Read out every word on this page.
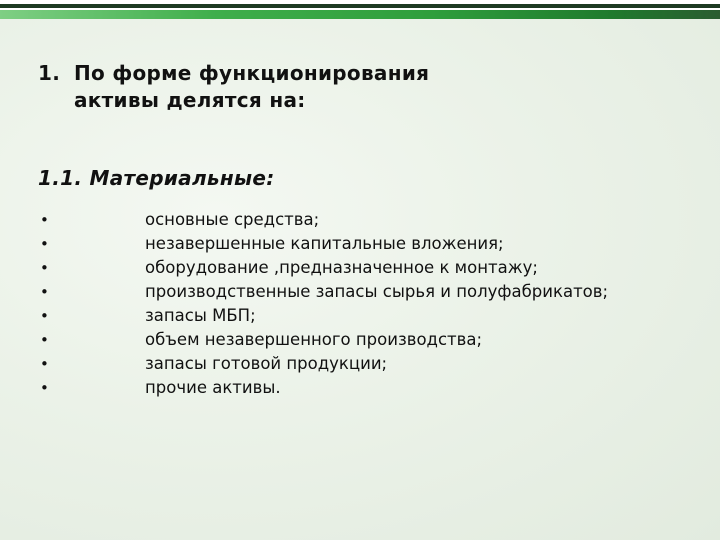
1. По форме функционирования
активы делятся на:
1.1. Материальные:
•	основные средства;
•	незавершенные капитальные вложения;
•	оборудование ,предназначенное к монтажу;
•	производственные запасы сырья и полуфабрикатов;
•	запасы МБП;
•	объем незавершенного производства;
•	запасы готовой продукции;
•	прочие активы.
